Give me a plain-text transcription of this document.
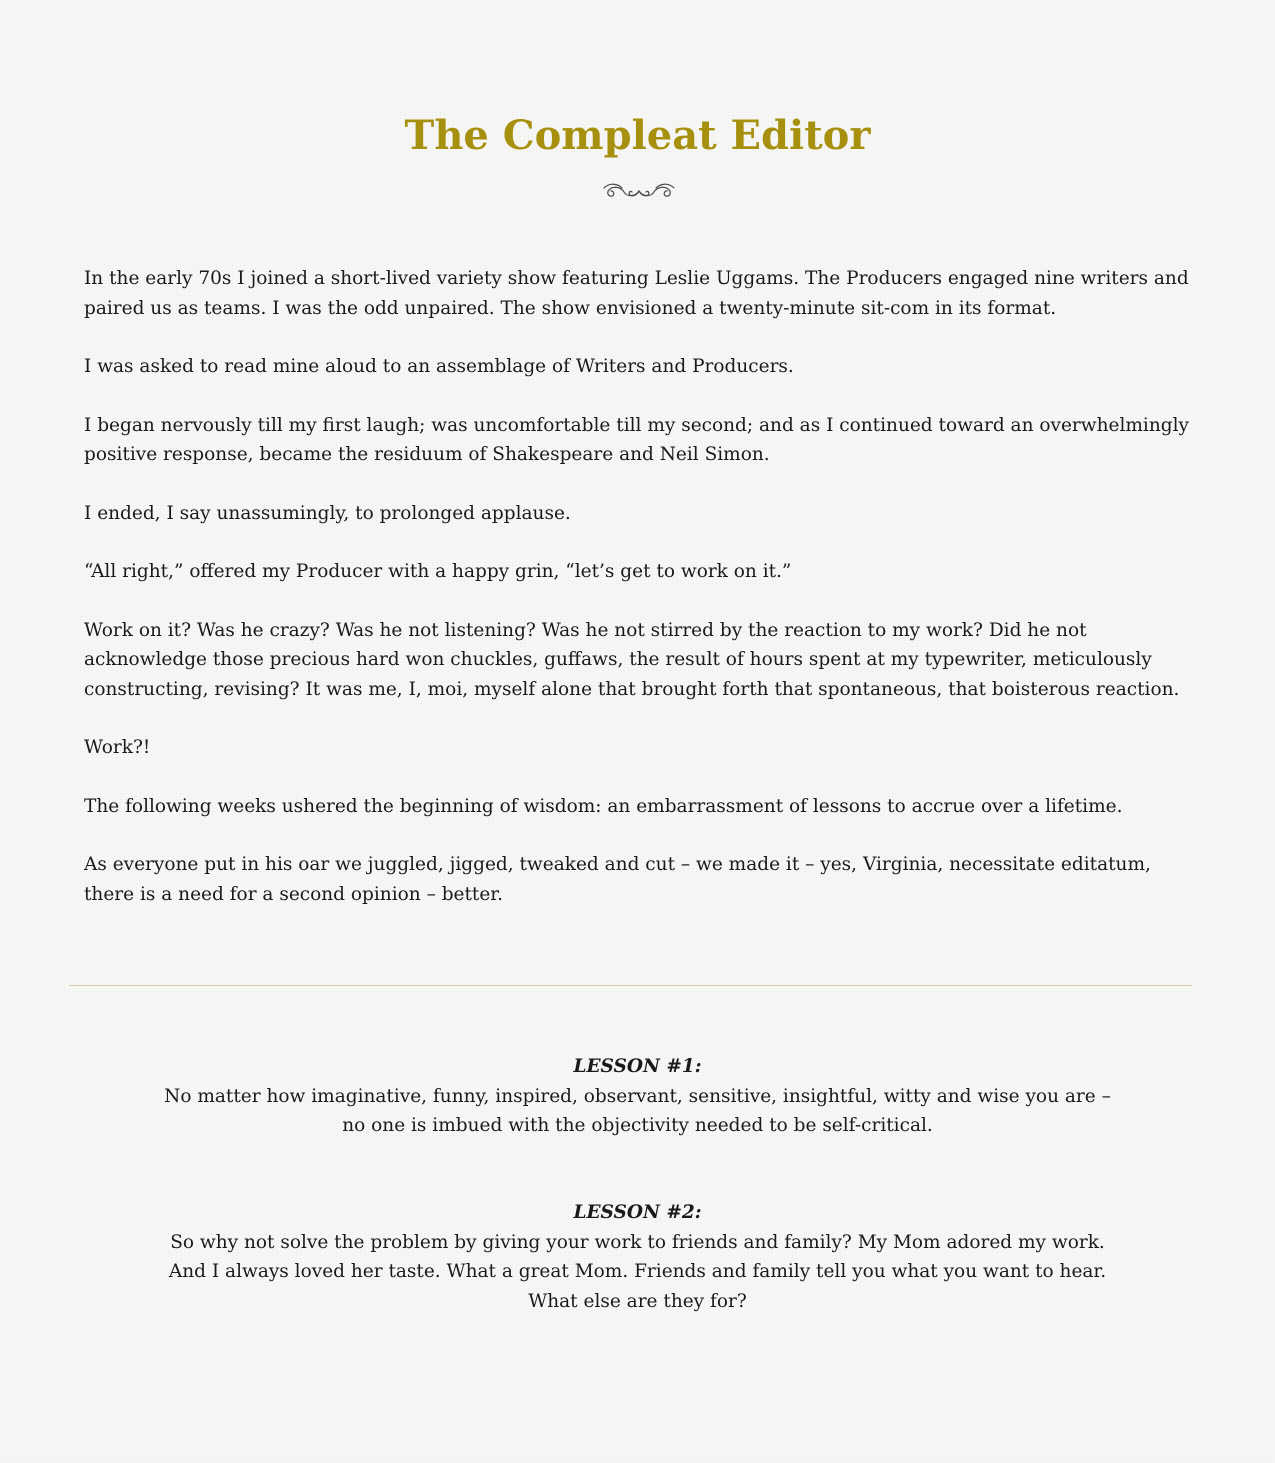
The Compleat Editor

In the early 70s I joined a short-lived variety show featuring Leslie Uggams. The Producers engaged nine writers and paired us as teams. I was the odd unpaired. The show envisioned a twenty-minute sit-com in its format.

I was asked to read mine aloud to an assemblage of Writers and Producers.

I began nervously till my first laugh; was uncomfortable till my second; and as I continued toward an overwhelmingly positive response, became the residuum of Shakespeare and Neil Simon.

I ended, I say unassumingly, to prolonged applause.

“All right,” offered my Producer with a happy grin, “let’s get to work on it.”

Work on it? Was he crazy? Was he not listening? Was he not stirred by the reaction to my work? Did he not acknowledge those precious hard won chuckles, guffaws, the result of hours spent at my typewriter, meticulously constructing, revising? It was me, I, moi, myself alone that brought forth that spontaneous, that boisterous reaction.

Work?!

The following weeks ushered the beginning of wisdom: an embarrassment of lessons to accrue over a lifetime.

As everyone put in his oar we juggled, jigged, tweaked and cut – we made it – yes, Virginia, necessitate editatum, there is a need for a second opinion – better.

LESSON #1:
No matter how imaginative, funny, inspired, observant, sensitive, insightful, witty and wise you are –
no one is imbued with the objectivity needed to be self-critical.
LESSON #2:
So why not solve the problem by giving your work to friends and family? My Mom adored my work.
And I always loved her taste. What a great Mom. Friends and family tell you what you want to hear.
What else are they for?
